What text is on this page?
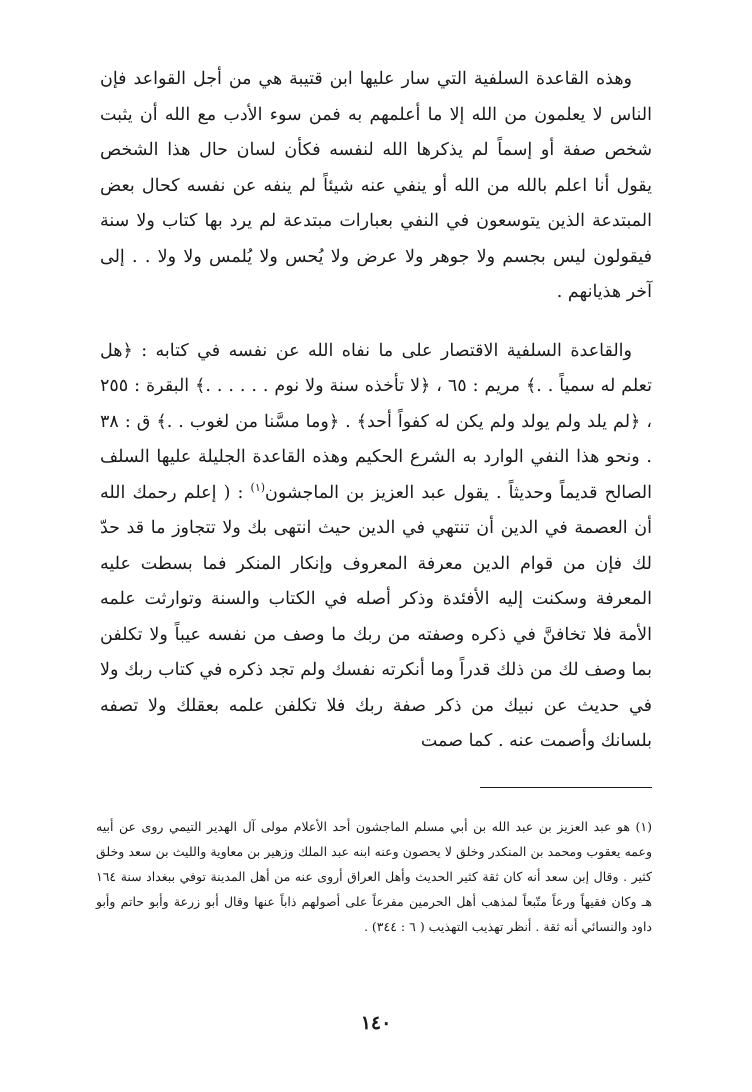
وهذه القاعدة السلفية التي سار عليها ابن قتيبة هي من أجل القواعد فإن الناس لا يعلمون من الله إلا ما أعلمهم به فمن سوء الأدب مع الله أن يثبت شخص صفة أو إسماً لم يذكرها الله لنفسه فكأن لسان حال هذا الشخص يقول أنا اعلم بالله من الله أو ينفي عنه شيئاً لم ينفه عن نفسه كحال بعض المبتدعة الذين يتوسعون في النفي بعبارات مبتدعة لم يرد بها كتاب ولا سنة فيقولون ليس بجسم ولا جوهر ولا عرض ولا يُحس ولا يُلمس ولا ولا . . إلى آخر هذيانهم .

والقاعدة السلفية الاقتصار على ما نفاه الله عن نفسه في كتابه : ﴿هل تعلم له سمياً . .﴾ مريم : ٦٥ ، ﴿لا تأخذه سنة ولا نوم . . . . . .﴾ البقرة : ٢٥٥ ، ﴿لم يلد ولم يولد ولم يكن له كفواً أحد﴾ . ﴿وما مسَّنا من لغوب . .﴾ ق : ٣٨ . ونحو هذا النفي الوارد به الشرع الحكيم وهذه القاعدة الجليلة عليها السلف الصالح قديماً وحديثاً . يقول عبد العزيز بن الماجشون$^{(١)}$ : ( إعلم رحمك الله أن العصمة في الدين أن تنتهي في الدين حيث انتهى بك ولا تتجاوز ما قد حدّ لك فإن من قوام الدين معرفة المعروف وإنكار المنكر فما بسطت عليه المعرفة وسكنت إليه الأفئدة وذكر أصله في الكتاب والسنة وتوارثت علمه الأمة فلا تخافنَّ في ذكره وصفته من ربك ما وصف من نفسه عيباً ولا تكلفن بما وصف لك من ذلك قدراً وما أنكرته نفسك ولم تجد ذكره في كتاب ربك ولا في حديث عن نبيك من ذكر صفة ربك فلا تكلفن علمه بعقلك ولا تصفه بلسانك وأصمت عنه . كما صمت

(١) هو عبد العزيز بن عبد الله بن أبي مسلم الماجشون أحد الأعلام مولى آل الهدير التيمي روى عن أبيه وعمه يعقوب ومحمد بن المنكدر وخلق لا يحصون وعنه ابنه عبد الملك وزهير بن معاوية والليث بن سعد وخلق كثير . وقال إبن سعد أنه كان ثقة كثير الحديث وأهل العراق أروى عنه من أهل المدينة توفي ببغداد سنة ١٦٤ هـ وكان فقيهاً ورعاً متّبعاً لمذهب أهل الحرمين مفرعاً على أصولهم ذاباً عنها وقال أبو زرعة وأبو حاتم وأبو داود والنسائي أنه ثقة . أنظر تهذيب التهذيب ( ٦ : ٣٤٤) .

١٤٠
